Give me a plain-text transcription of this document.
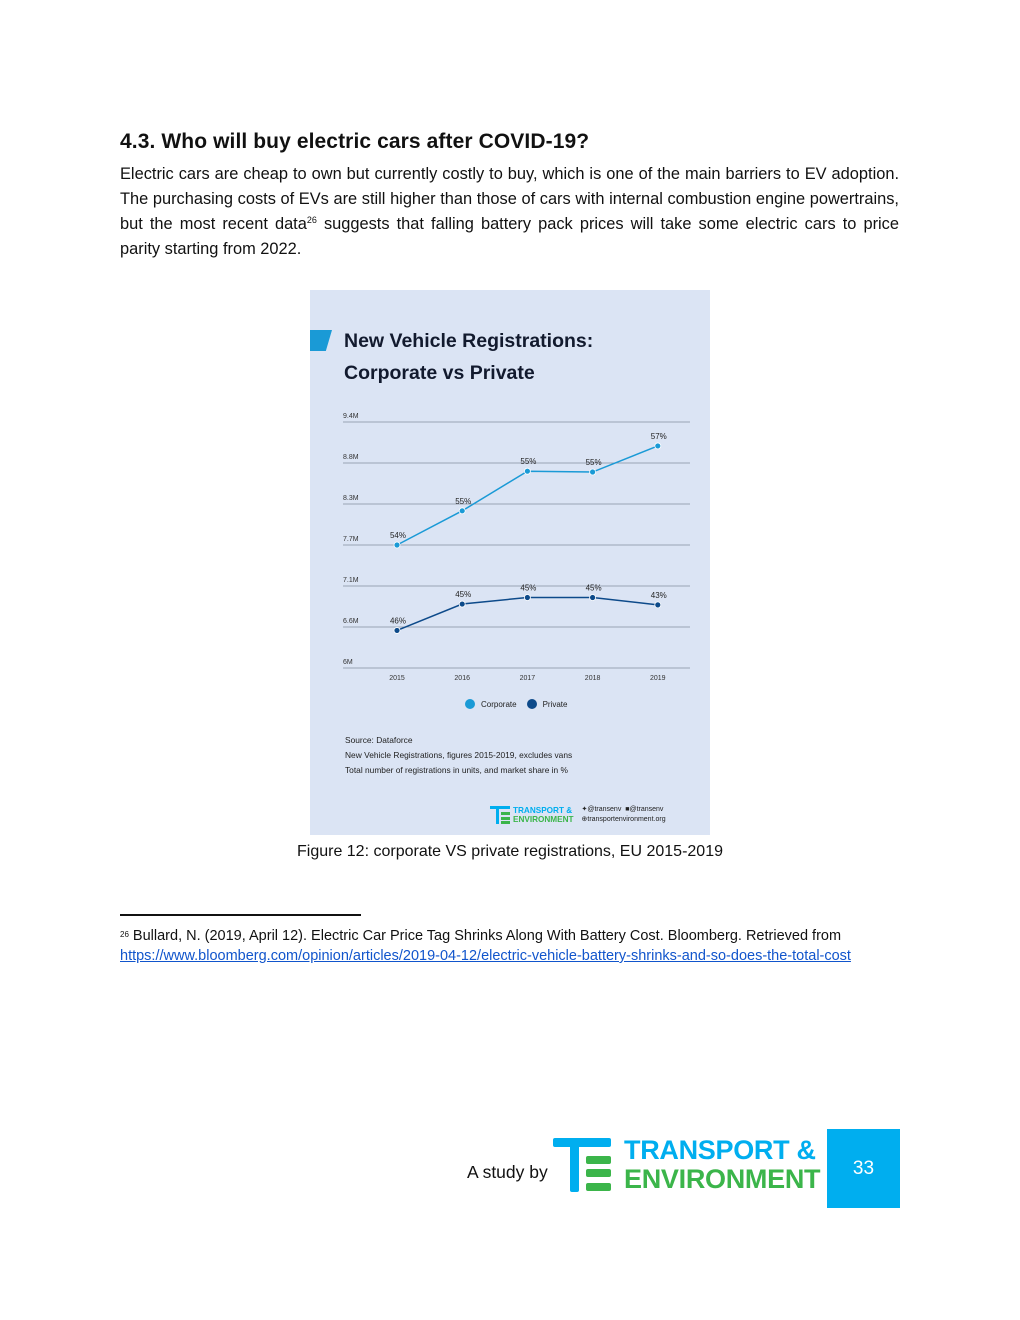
4.3. Who will buy electric cars after COVID-19?

Electric cars are cheap to own but currently costly to buy, which is one of the main barriers to EV adoption. The purchasing costs of EVs are still higher than those of cars with internal combustion engine powertrains, but the most recent data$^{26}$ suggests that falling battery pack prices will take some electric cars to price parity starting from 2022.

New Vehicle Registrations:
Corporate vs Private
6M
6.6M
7.1M
7.7M
8.3M
8.8M
9.4M
2015	2016	2017	2018	2019
54%
55%
55%	55%
57%
46%
45%
45%	45%
43%
Corporate	Private
Source: Dataforce
New Vehicle Registrations, figures 2015-2019, excludes vans
Total number of registrations in units, and market share in %
TRANSPORT &
ENVIRONMENT
✦@transenv ■@transenv
⊕transportenvironment.org

Figure 12: corporate VS private registrations, EU 2015-2019

$^{26}$ Bullard, N. (2019, April 12). Electric Car Price Tag Shrinks Along With Battery Cost. Bloomberg. Retrieved from
https://www.bloomberg.com/opinion/articles/2019-04-12/electric-vehicle-battery-shrinks-and-so-does-the-total-cost

A study by
TRANSPORT &
ENVIRONMENT	33
